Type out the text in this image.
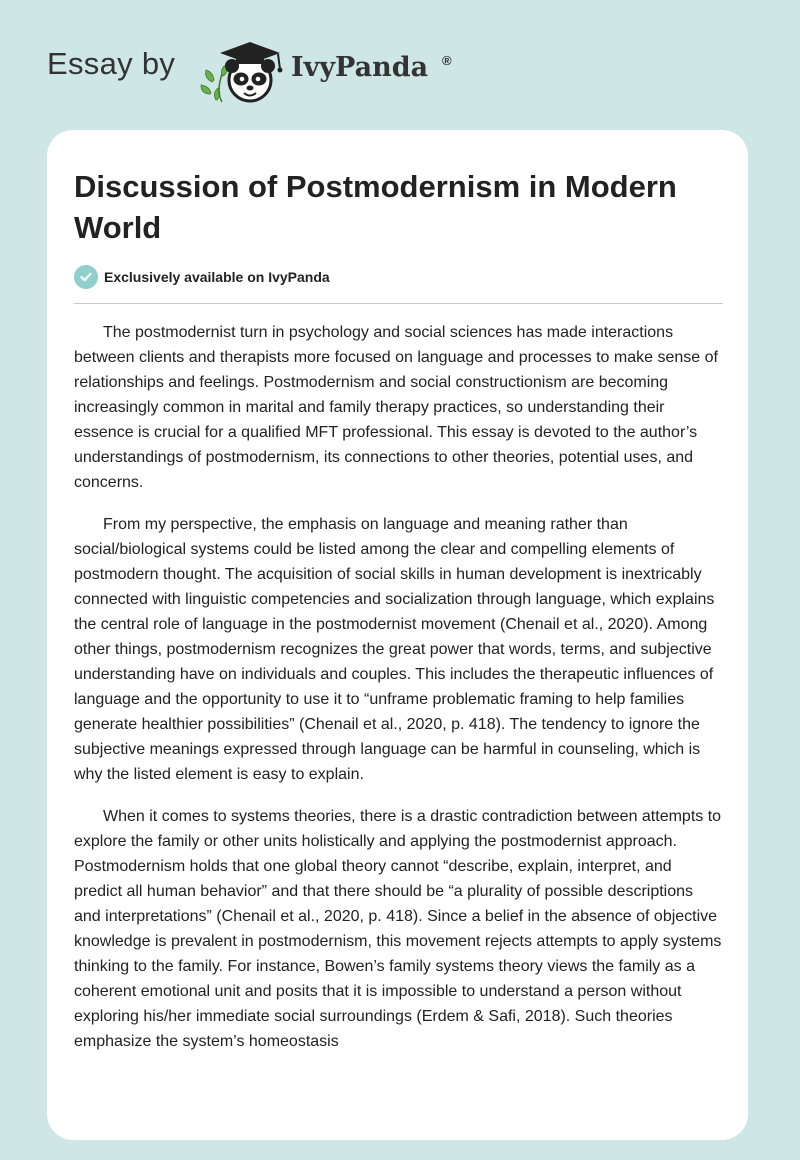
Essay by	IvyPanda ®
Discussion of Postmodernism in Modern World
Exclusively available on IvyPanda

The postmodernist turn in psychology and social sciences has made interactions between clients and therapists more focused on language and processes to make sense of relationships and feelings. Postmodernism and social constructionism are becoming increasingly common in marital and family therapy practices, so understanding their essence is crucial for a qualified MFT professional. This essay is devoted to the author’s understandings of postmodernism, its connections to other theories, potential uses, and concerns.

From my perspective, the emphasis on language and meaning rather than social/biological systems could be listed among the clear and compelling elements of postmodern thought. The acquisition of social skills in human development is inextricably connected with linguistic competencies and socialization through language, which explains the central role of language in the postmodernist movement (Chenail et al., 2020). Among other things, postmodernism recognizes the great power that words, terms, and subjective understanding have on individuals and couples. This includes the therapeutic influences of language and the opportunity to use it to “unframe problematic framing to help families generate healthier possibilities” (Chenail et al., 2020, p. 418). The tendency to ignore the subjective meanings expressed through language can be harmful in counseling, which is why the listed element is easy to explain.

When it comes to systems theories, there is a drastic contradiction between attempts to explore the family or other units holistically and applying the postmodernist approach. Postmodernism holds that one global theory cannot “describe, explain, interpret, and predict all human behavior” and that there should be “a plurality of possible descriptions and interpretations” (Chenail et al., 2020, p. 418). Since a belief in the absence of objective knowledge is prevalent in postmodernism, this movement rejects attempts to apply systems thinking to the family. For instance, Bowen’s family systems theory views the family as a coherent emotional unit and posits that it is impossible to understand a person without exploring his/her immediate social surroundings (Erdem & Safi, 2018). Such theories emphasize the system’s homeostasis
